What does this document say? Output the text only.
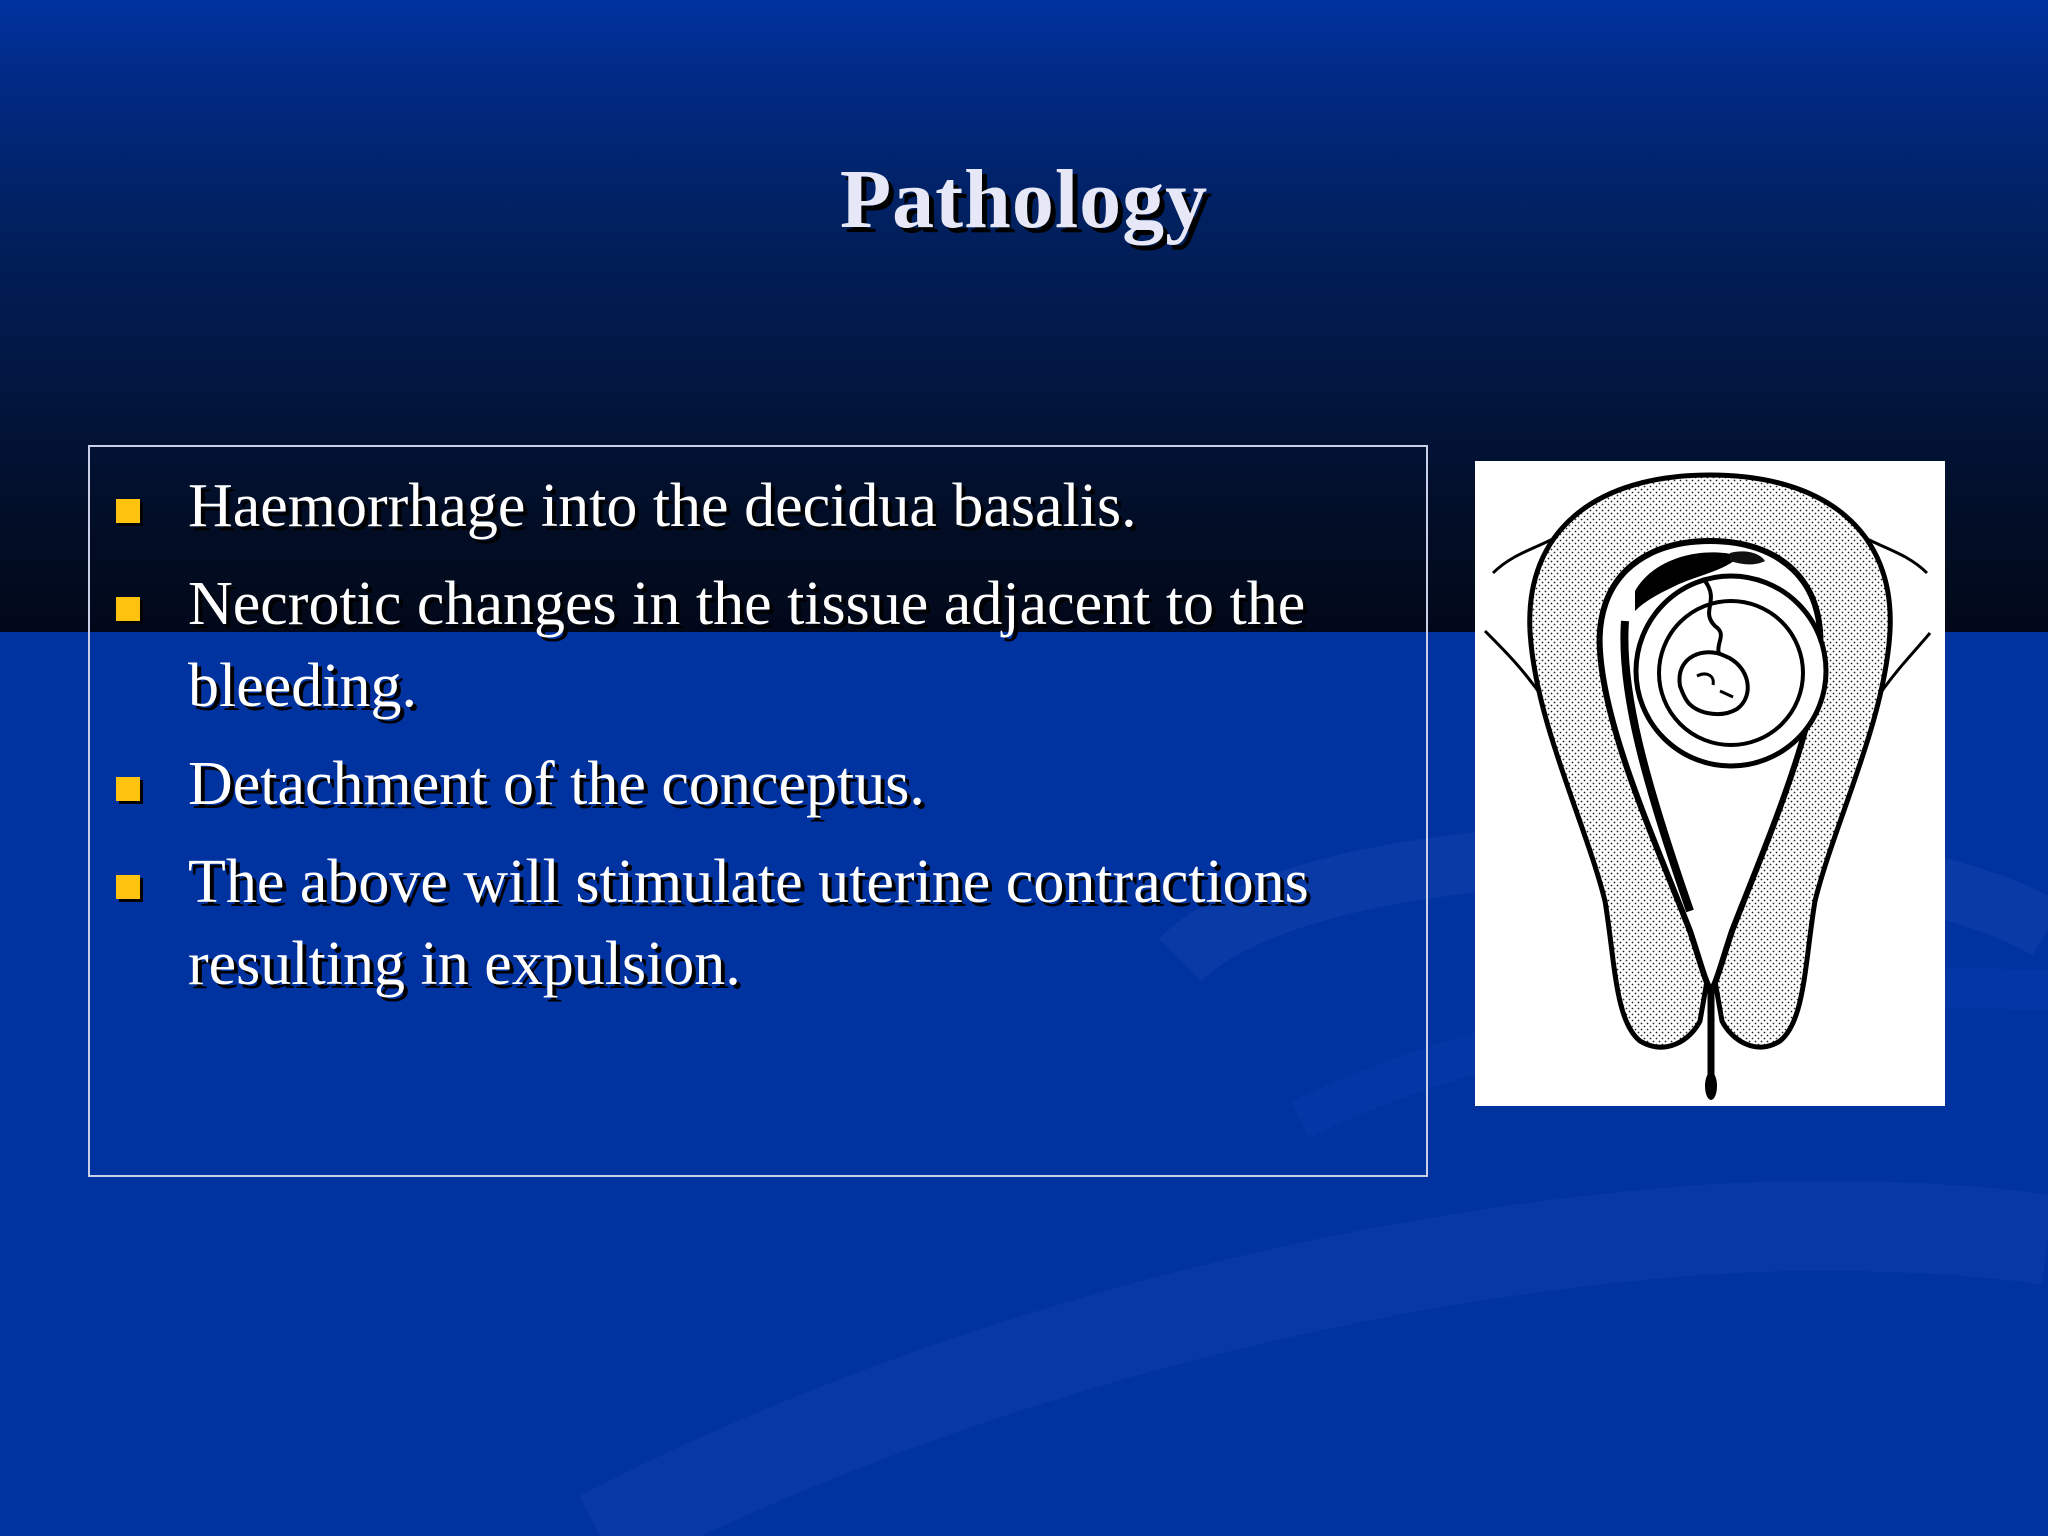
Pathology
Haemorrhage into the decidua basalis.
Necrotic changes in the tissue adjacent to the bleeding.
Detachment of the conceptus.
The above will stimulate uterine contractions resulting in expulsion.
